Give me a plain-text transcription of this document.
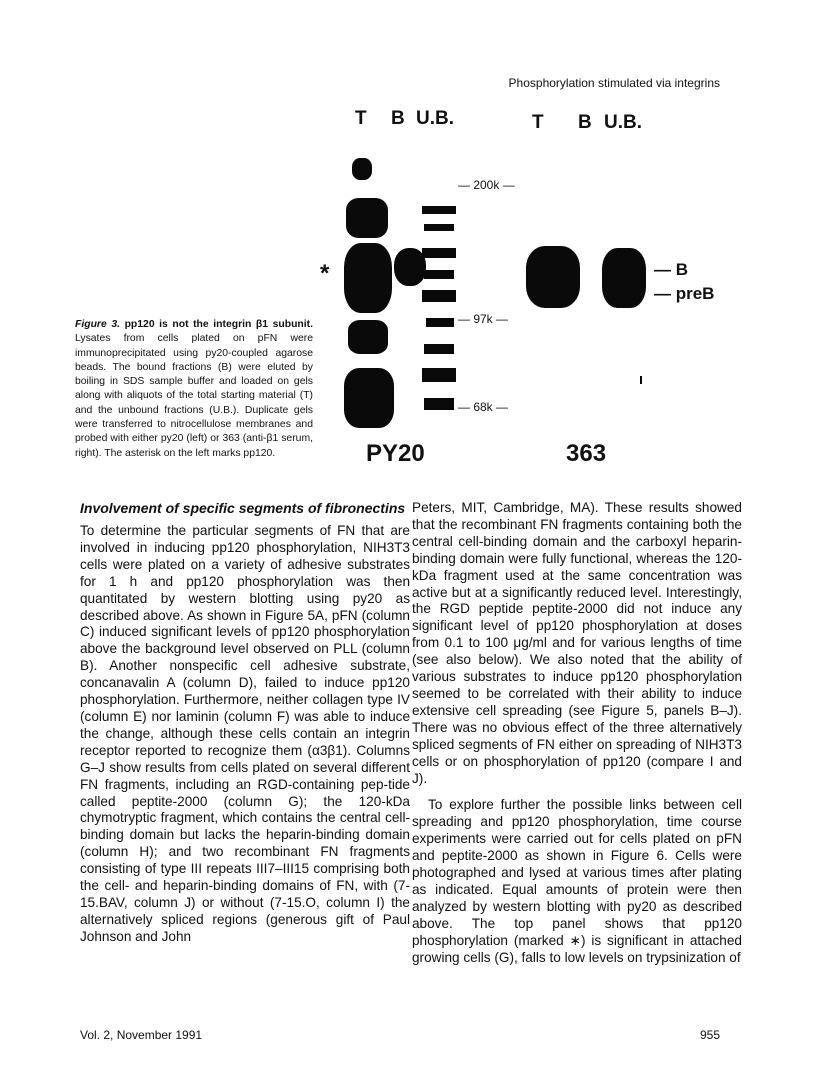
Phosphorylation stimulated via integrins
T B U.B.	T B U.B.
— 200k —
— 97k —
— 68k —
*	— B
— preB
PY20	363
Figure 3. pp120 is not the integrin β1 subunit. Lysates from cells plated on pFN were immunoprecipitated using py20-coupled agarose beads. The bound fractions (B) were eluted by boiling in SDS sample buffer and loaded on gels along with aliquots of the total starting material (T) and the unbound fractions (U.B.). Duplicate gels were transferred to nitrocellulose membranes and probed with either py20 (left) or 363 (anti-β1 serum, right). The asterisk on the left marks pp120.
Involvement of specific segments of fibronectins

To determine the particular segments of FN that are involved in inducing pp120 phosphorylation, NIH3T3 cells were plated on a variety of adhesive substrates for 1 h and pp120 phosphorylation was then quantitated by western blotting using py20 as described above. As shown in Figure 5A, pFN (column C) induced significant levels of pp120 phosphorylation above the background level observed on PLL (column B). Another nonspecific cell adhesive substrate, concanavalin A (column D), failed to induce pp120 phosphorylation. Furthermore, neither collagen type IV (column E) nor laminin (column F) was able to induce the change, although these cells contain an integrin receptor reported to recognize them (α3β1). Columns G–J show results from cells plated on several different FN fragments, including an RGD-containing pep-tide called peptite-2000 (column G); the 120-kDa chymotryptic fragment, which contains the central cell-binding domain but lacks the heparin-binding domain (column H); and two recombinant FN fragments consisting of type III repeats III7–III15 comprising both the cell- and heparin-binding domains of FN, with (7-15.BAV, column J) or without (7-15.O, column I) the alternatively spliced regions (generous gift of Paul Johnson and John

Peters, MIT, Cambridge, MA). These results showed that the recombinant FN fragments containing both the central cell-binding domain and the carboxyl heparin-binding domain were fully functional, whereas the 120-kDa fragment used at the same concentration was active but at a significantly reduced level. Interestingly, the RGD peptide peptite-2000 did not induce any significant level of pp120 phosphorylation at doses from 0.1 to 100 μg/ml and for various lengths of time (see also below). We also noted that the ability of various substrates to induce pp120 phosphorylation seemed to be correlated with their ability to induce extensive cell spreading (see Figure 5, panels B–J). There was no obvious effect of the three alternatively spliced segments of FN either on spreading of NIH3T3 cells or on phosphorylation of pp120 (compare I and J).

To explore further the possible links between cell spreading and pp120 phosphorylation, time course experiments were carried out for cells plated on pFN and peptite-2000 as shown in Figure 6. Cells were photographed and lysed at various times after plating as indicated. Equal amounts of protein were then analyzed by western blotting with py20 as described above. The top panel shows that pp120 phosphorylation (marked ∗) is significant in attached growing cells (G), falls to low levels on trypsinization of

Vol. 2, November 1991	955
